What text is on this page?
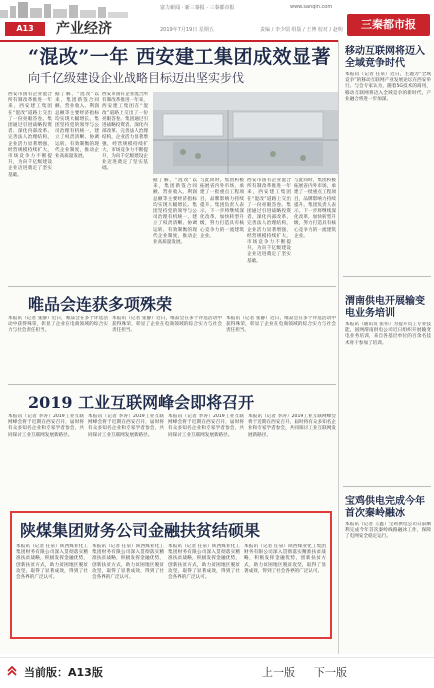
A13	产业经济
富力新闻 · 新三秦报 · 三秦都市报	www.sanqin.com
2019年7月19日 星期五	责编 / 李少瑞 组版 / 王博 校对 / 赵明	三秦都市报
“混改”一年 西安建工集团成效显著
向千亿级建设企业战略目标迈出坚实步伐
西安市国有企业混合所有制改革推进一年来，西安建工集团在“混改”道路上交出了一份亮眼答卷。集团通过引进战略投资者、深化内部改革、完善法人治理结构，企业活力显著增强，经营规模持续扩大，市场竞争力不断提升，为向千亿级建设企业迈进奠定了坚实基础。
据了解，“混改”以来，集团新签合同额、营业收入、利润总额等主要经济指标均实现大幅增长。集团坚持党的领导与公司治理有机统一，建立了权责清晰、协调运转、有效制衡的现代企业制度，推动企业高质量发展。
西安市国有企业混合所有制改革推进一年来，西安建工集团在“混改”道路上交出了一份亮眼答卷。集团通过引进战略投资者、深化内部改革、完善法人治理结构，企业活力显著增强，经营规模持续扩大，市场竞争力不断提升，为向千亿级建设企业迈进奠定了坚实基础。
据了解，“混改”以来，集团新签合同额、营业收入、利润总额等主要经济指标均实现大幅增长。集团坚持党的领导与公司治理有机统一，建立了权责清晰、协调运转、有效制衡的现代企业制度，推动企业高质量发展。
与此同时，集团积极拓展省内外市场，承建了一批重点工程项目，品牌影响力持续提升。集团负责人表示，下一步将继续深化改革，加快转型升级，努力打造具有核心竞争力的一流建筑企业。
西安市国有企业混合所有制改革推进一年来，西安建工集团在“混改”道路上交出了一份亮眼答卷。集团通过引进战略投资者、深化内部改革、完善法人治理结构，企业活力显著增强，经营规模持续扩大，市场竞争力不断提升，为向千亿级建设企业迈进奠定了坚实基础。
与此同时，集团积极拓展省内外市场，承建了一批重点工程项目，品牌影响力持续提升。集团负责人表示，下一步将继续深化改革，加快转型升级，努力打造具有核心竞争力的一流建筑企业。
唯品会连获多项殊荣
本报讯（记者 张静）近日，唯品会在多个评选活动中获得殊荣，彰显了企业在电商领域的综合实力与社会责任担当。
本报讯（记者 张静）近日，唯品会在多个评选活动中获得殊荣，彰显了企业在电商领域的综合实力与社会责任担当。
本报讯（记者 张静）近日，唯品会在多个评选活动中获得殊荣，彰显了企业在电商领域的综合实力与社会责任担当。
2019 工业互联网峰会即将召开
本报讯（记者 李涛）2019工业互联网峰会将于近期在西安召开，届时将有众多知名企业和专家学者参会，共同探讨工业互联网发展新路径。
本报讯（记者 李涛）2019工业互联网峰会将于近期在西安召开，届时将有众多知名企业和专家学者参会，共同探讨工业互联网发展新路径。
本报讯（记者 李涛）2019工业互联网峰会将于近期在西安召开，届时将有众多知名企业和专家学者参会，共同探讨工业互联网发展新路径。
本报讯（记者 李涛）2019工业互联网峰会将于近期在西安召开，届时将有众多知名企业和专家学者参会，共同探讨工业互联网发展新路径。
陕煤集团财务公司金融扶贫结硕果
本报讯（记者 任泉）陕西煤业化工集团财务有限公司深入贯彻落实精准扶贫战略，积极发挥金融优势，创新扶贫方式，助力贫困地区脱贫攻坚，取得了显著成效，得到了社会各界的广泛认可。
本报讯（记者 任泉）陕西煤业化工集团财务有限公司深入贯彻落实精准扶贫战略，积极发挥金融优势，创新扶贫方式，助力贫困地区脱贫攻坚，取得了显著成效，得到了社会各界的广泛认可。
本报讯（记者 任泉）陕西煤业化工集团财务有限公司深入贯彻落实精准扶贫战略，积极发挥金融优势，创新扶贫方式，助力贫困地区脱贫攻坚，取得了显著成效，得到了社会各界的广泛认可。
本报讯（记者 任泉）陕西煤业化工集团财务有限公司深入贯彻落实精准扶贫战略，积极发挥金融优势，创新扶贫方式，助力贫困地区脱贫攻坚，取得了显著成效，得到了社会各界的广泛认可。
移动互联网将迈入全域竞争时代
本报讯（记者 任泉）近日，主题为“全域竞争”的移动互联网产业发展论坛在西安举行。与会专家认为，随着5G技术的商用，移动互联网将迈入全域竞争的新时代，产业融合将进一步加深。
渭南供电开展输变电业务培训
本报讯（通讯员 张伟）为提升员工专业技能，国网渭南供电公司近日组织开展输变电业务培训，来自各基层单位的百余名技术骨干参加了培训。
宝鸡供电完成今年首次秦岭融冰
本报讯（记者 王鑫）宝鸡供电公司日前顺利完成今年首次秦岭线路融冰工作，保障了电网安全稳定运行。
当前版：A13版	上一版 下一版
